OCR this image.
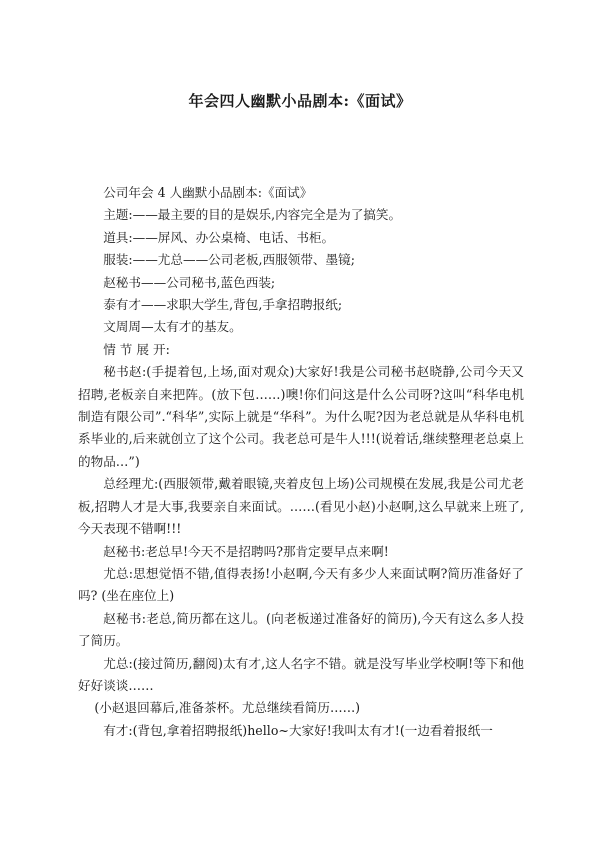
年会四人幽默小品剧本:《面试》

公司年会 4 人幽默小品剧本:《面试》

主题:——最主要的目的是娱乐,内容完全是为了搞笑。

道具:——屏风、办公桌椅、电话、书柜。

服装:——尤总——公司老板,西服领带、墨镜;

赵秘书——公司秘书,蓝色西装;

泰有才——求职大学生,背包,手拿招聘报纸;

文周周—太有才的基友。

情 节 展 开:

秘书赵:(手提着包,上场,面对观众)大家好!我是公司秘书赵晓静,公司今天又招聘,老板亲自来把阵。(放下包……)噢!你们问这是什么公司呀?这叫“科华电机制造有限公司”.“科华”,实际上就是“华科”。为什么呢?因为老总就是从华科电机系毕业的,后来就创立了这个公司。我老总可是牛人!!!(说着话,继续整理老总桌上的物品…”)

总经理尤:(西服领带,戴着眼镜,夹着皮包上场)公司规模在发展,我是公司尤老板,招聘人才是大事,我要亲自来面试。……(看见小赵)小赵啊,这么早就来上班了,今天表现不错啊!!!

赵秘书:老总早!今天不是招聘吗?那肯定要早点来啊!

尤总:思想觉悟不错,值得表扬!小赵啊,今天有多少人来面试啊?简历准备好了吗? (坐在座位上)

赵秘书:老总,简历都在这儿。(向老板递过准备好的简历),今天有这么多人投了简历。

尤总:(接过简历,翻阅)太有才,这人名字不错。就是没写毕业学校啊!等下和他好好谈谈……

(小赵退回幕后,准备茶杯。尤总继续看简历……)

有才:(背包,拿着招聘报纸)hello~大家好!我叫太有才!(一边看着报纸一
